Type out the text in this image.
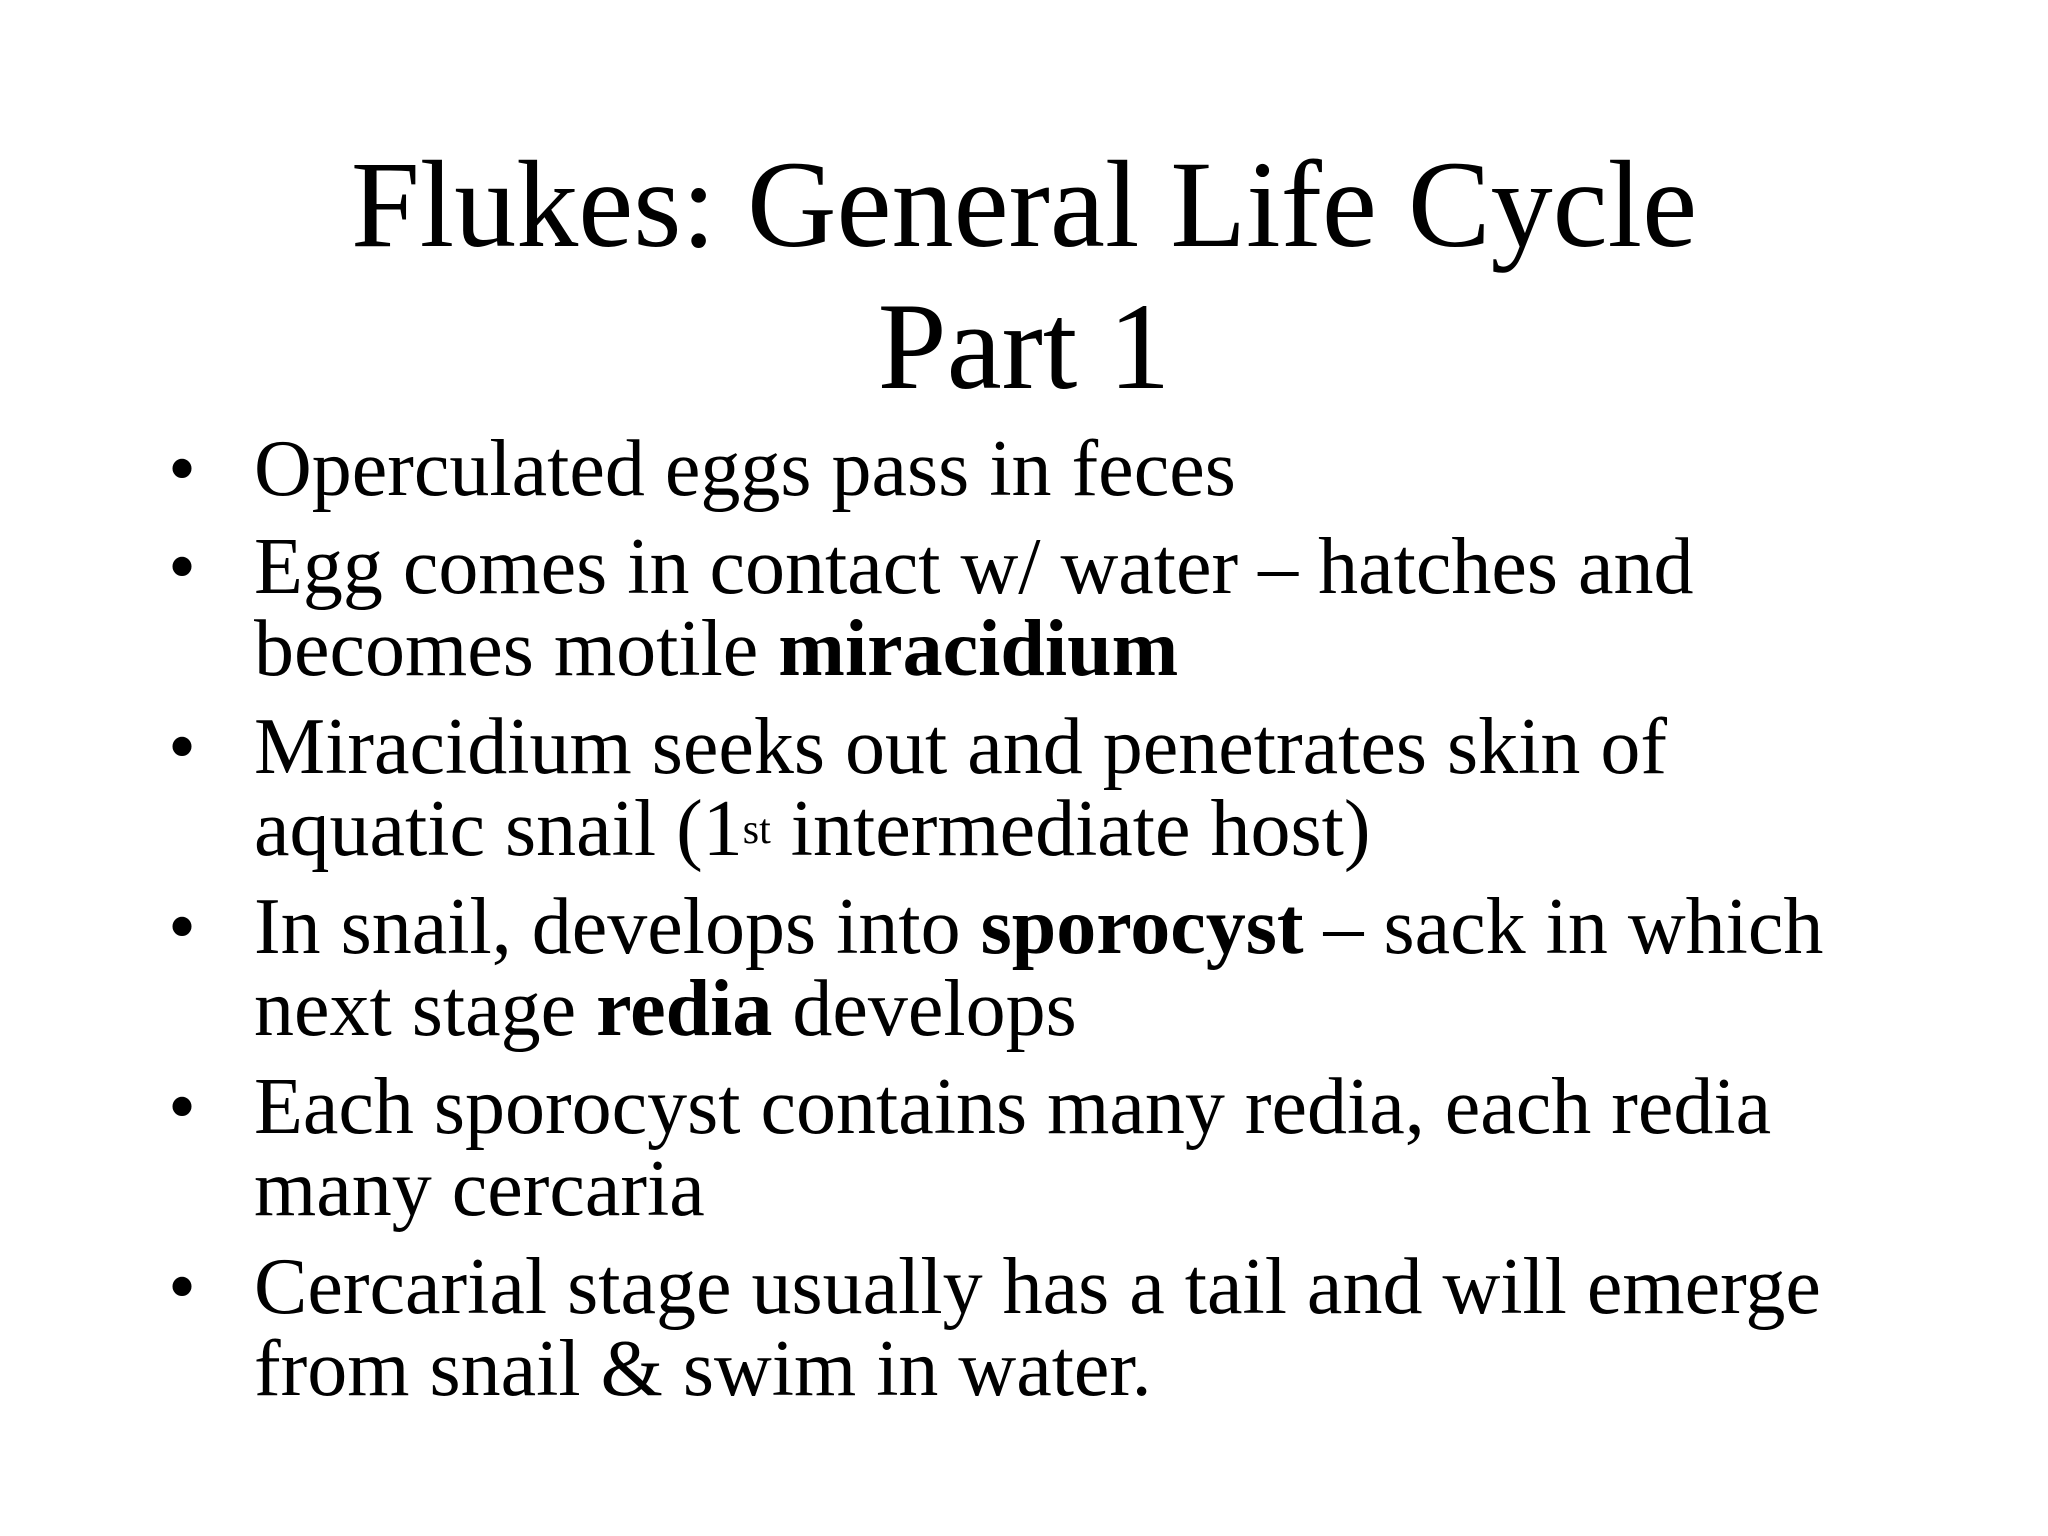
Flukes: General Life Cycle
Part 1
• Operculated eggs pass in feces
• Egg comes in contact w/ water – hatches and becomes motile miracidium
• Miracidium seeks out and penetrates skin of aquatic snail (1st intermediate host)
• In snail, develops into sporocyst – sack in which next stage redia develops
• Each sporocyst contains many redia, each redia many cercaria
• Cercarial stage usually has a tail and will emerge from snail & swim in water.
